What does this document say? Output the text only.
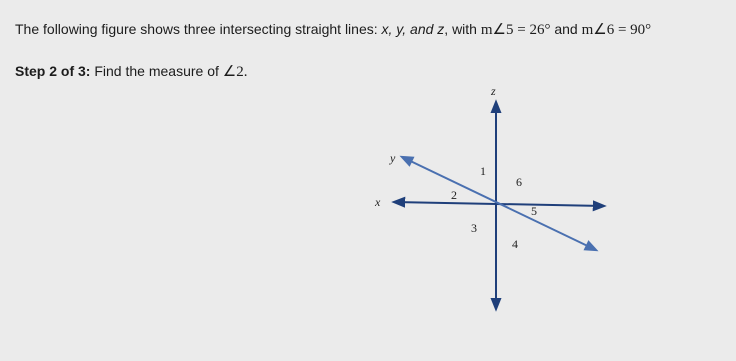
The following figure shows three intersecting straight lines: x, y, and z, with m∠5 = 26° and m∠6 = 90°
Step 2 of 3: Find the measure of ∠2.
z
y
x
1
2
3
4
5
6
